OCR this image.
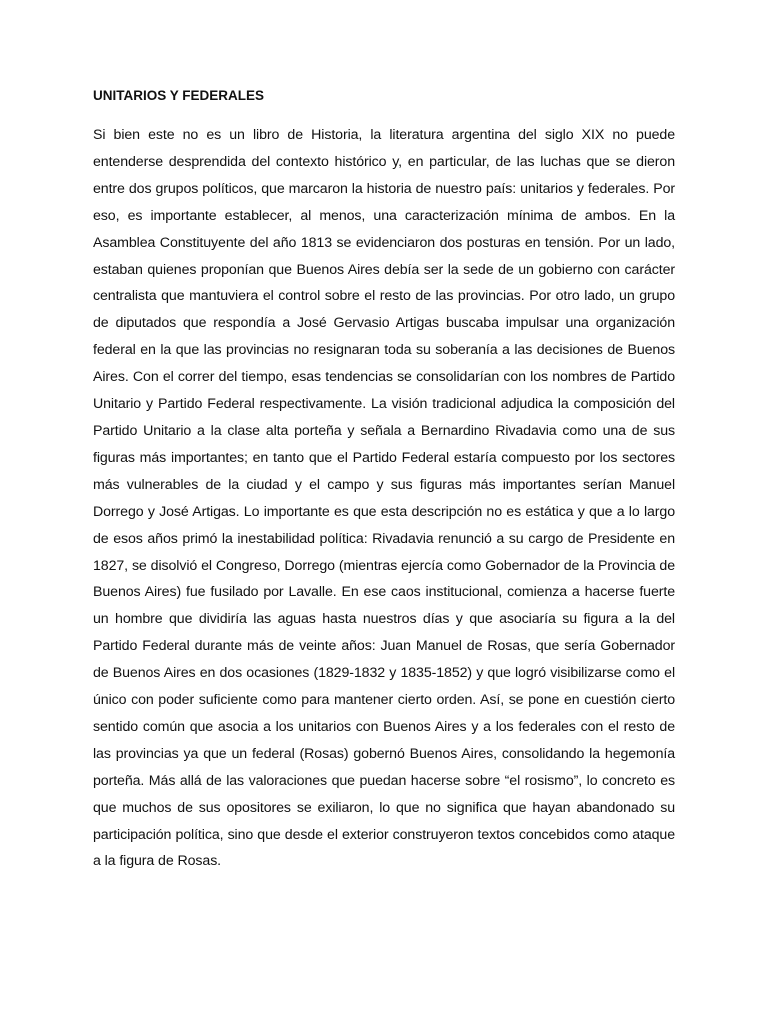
UNITARIOS Y FEDERALES

Si bien este no es un libro de Historia, la literatura argentina del siglo XIX no puede entenderse desprendida del contexto histórico y, en particular, de las luchas que se dieron entre dos grupos políticos, que marcaron la historia de nuestro país: unitarios y federales. Por eso, es importante establecer, al menos, una caracterización mínima de ambos. En la Asamblea Constituyente del año 1813 se evidenciaron dos posturas en tensión. Por un lado, estaban quienes proponían que Buenos Aires debía ser la sede de un gobierno con carácter centralista que mantuviera el control sobre el resto de las provincias. Por otro lado, un grupo de diputados que respondía a José Gervasio Artigas buscaba impulsar una organización federal en la que las provincias no resignaran toda su soberanía a las decisiones de Buenos Aires. Con el correr del tiempo, esas tendencias se consolidarían con los nombres de Partido Unitario y Partido Federal respectivamente. La visión tradicional adjudica la composición del Partido Unitario a la clase alta porteña y señala a Bernardino Rivadavia como una de sus figuras más importantes; en tanto que el Partido Federal estaría compuesto por los sectores más vulnerables de la ciudad y el campo y sus figuras más importantes serían Manuel Dorrego y José Artigas. Lo importante es que esta descripción no es estática y que a lo largo de esos años primó la inestabilidad política: Rivadavia renunció a su cargo de Presidente en 1827, se disolvió el Congreso, Dorrego (mientras ejercía como Gobernador de la Provincia de Buenos Aires) fue fusilado por Lavalle. En ese caos institucional, comienza a hacerse fuerte un hombre que dividiría las aguas hasta nuestros días y que asociaría su figura a la del Partido Federal durante más de veinte años: Juan Manuel de Rosas, que sería Gobernador de Buenos Aires en dos ocasiones (1829-1832 y 1835-1852) y que logró visibilizarse como el único con poder suficiente como para mantener cierto orden. Así, se pone en cuestión cierto sentido común que asocia a los unitarios con Buenos Aires y a los federales con el resto de las provincias ya que un federal (Rosas) gobernó Buenos Aires, consolidando la hegemonía porteña. Más allá de las valoraciones que puedan hacerse sobre “el rosismo”, lo concreto es que muchos de sus opositores se exiliaron, lo que no significa que hayan abandonado su participación política, sino que desde el exterior construyeron textos concebidos como ataque a la figura de Rosas.
